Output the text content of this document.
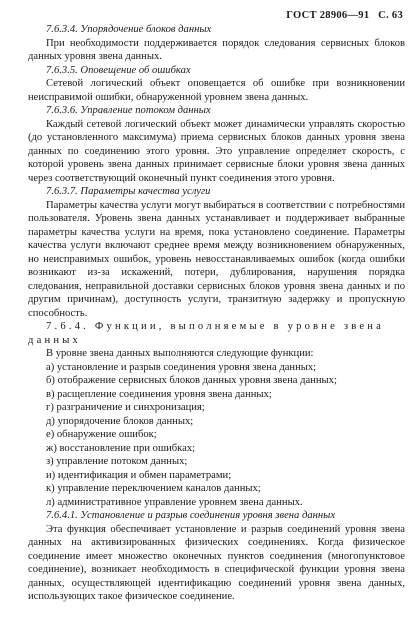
ГОСТ 28906—91 С. 63
7.6.3.4. Упорядочение блоков данных

При необходимости поддерживается порядок следования сервисных блоков данных уровня звена данных.

7.6.3.5. Оповещение об ошибках

Сетевой логический объект оповещается об ошибке при возникновении неисправимой ошибки, обнаруженной уровнем звена данных.

7.6.3.6. Управление потоком данных

Каждый сетевой логический объект может динамически управлять скоростью (до установленного максимума) приема сервисных блоков данных уровня звена данных по соединению этого уровня. Это управление определяет скорость, с которой уровень звена данных принимает сервисные блоки уровня звена данных через соответствующий оконечный пункт соединения этого уровня.

7.6.3.7. Параметры качества услуги

Параметры качества услуги могут выбираться в соответствии с потребностями пользователя. Уровень звена данных устанавливает и поддерживает выбранные параметры качества услуги на время, пока установлено соединение. Параметры качества услуги включают среднее время между возникновением обнаруженных, но неисправимых ошибок, уровень невосстанавливаемых ошибок (когда ошибки возникают из-за искажений, потери, дублирования, нарушения порядка следования, неправильной доставки сервисных блоков уровня звена данных и по другим причинам), доступность услуги, транзитную задержку и пропускную способность.

7.6.4. Функции, выполняемые в уровне звена
данных

В уровне звена данных выполняются следующие функции:

а) установление и разрыв соединения уровня звена данных;
б) отображение сервисных блоков данных уровня звена данных;
в) расщепление соединения уровня звена данных;
г) разграничение и синхронизация;
д) упорядочение блоков данных;
е) обнаружение ошибок;
ж) восстановление при ошибках;
з) управление потоком данных;
и) идентификация и обмен параметрами;
к) управление переключением каналов данных;
л) административное управление уровнем звена данных.
7.6.4.1. Установление и разрыв соединения уровня звена данных

Эта функция обеспечивает установление и разрыв соединений уровня звена данных на активизированных физических соединениях. Когда физическое соединение имеет множество оконечных пунктов соединения (многопунктовое соединение), возникает необходимость в специфической функции уровня звена данных, осуществляющей идентификацию соединений уровня звена данных, использующих такое физическое соединение.
